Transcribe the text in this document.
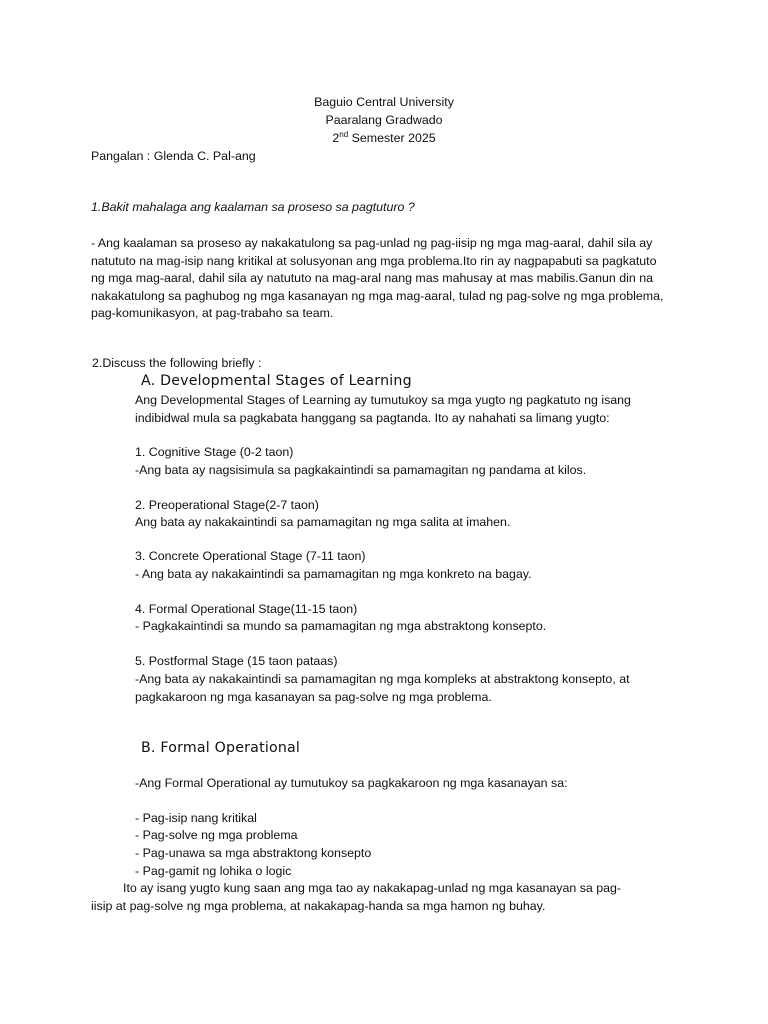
Baguio Central University
Paaralang Gradwado
2nd Semester 2025
Pangalan : Glenda C. Pal-ang
1.Bakit mahalaga ang kaalaman sa proseso sa pagtuturo ?
- Ang kaalaman sa proseso ay nakakatulong sa pag-unlad ng pag-iisip ng mga mag-aaral, dahil sila ay
natututo na mag-isip nang kritikal at solusyonan ang mga problema.Ito rin ay nagpapabuti sa pagkatuto
ng mga mag-aaral, dahil sila ay natututo na mag-aral nang mas mahusay at mas mabilis.Ganun din na
nakakatulong sa paghubog ng mga kasanayan ng mga mag-aaral, tulad ng pag-solve ng mga problema,
pag-komunikasyon, at pag-trabaho sa team.
2.Discuss the following briefly :
A. Developmental Stages of Learning
Ang Developmental Stages of Learning ay tumutukoy sa mga yugto ng pagkatuto ng isang
indibidwal mula sa pagkabata hanggang sa pagtanda. Ito ay nahahati sa limang yugto:
1. Cognitive Stage (0-2 taon)
-Ang bata ay nagsisimula sa pagkakaintindi sa pamamagitan ng pandama at kilos.
2. Preoperational Stage(2-7 taon)
Ang bata ay nakakaintindi sa pamamagitan ng mga salita at imahen.
3. Concrete Operational Stage (7-11 taon)
- Ang bata ay nakakaintindi sa pamamagitan ng mga konkreto na bagay.
4. Formal Operational Stage(11-15 taon)
- Pagkakaintindi sa mundo sa pamamagitan ng mga abstraktong konsepto.
5. Postformal Stage (15 taon pataas)
-Ang bata ay nakakaintindi sa pamamagitan ng mga kompleks at abstraktong konsepto, at
pagkakaroon ng mga kasanayan sa pag-solve ng mga problema.
B. Formal Operational
-Ang Formal Operational ay tumutukoy sa pagkakaroon ng mga kasanayan sa:
- Pag-isip nang kritikal
- Pag-solve ng mga problema
- Pag-unawa sa mga abstraktong konsepto
- Pag-gamit ng lohika o logic
Ito ay isang yugto kung saan ang mga tao ay nakakapag-unlad ng mga kasanayan sa pag-
iisip at pag-solve ng mga problema, at nakakapag-handa sa mga hamon ng buhay.
